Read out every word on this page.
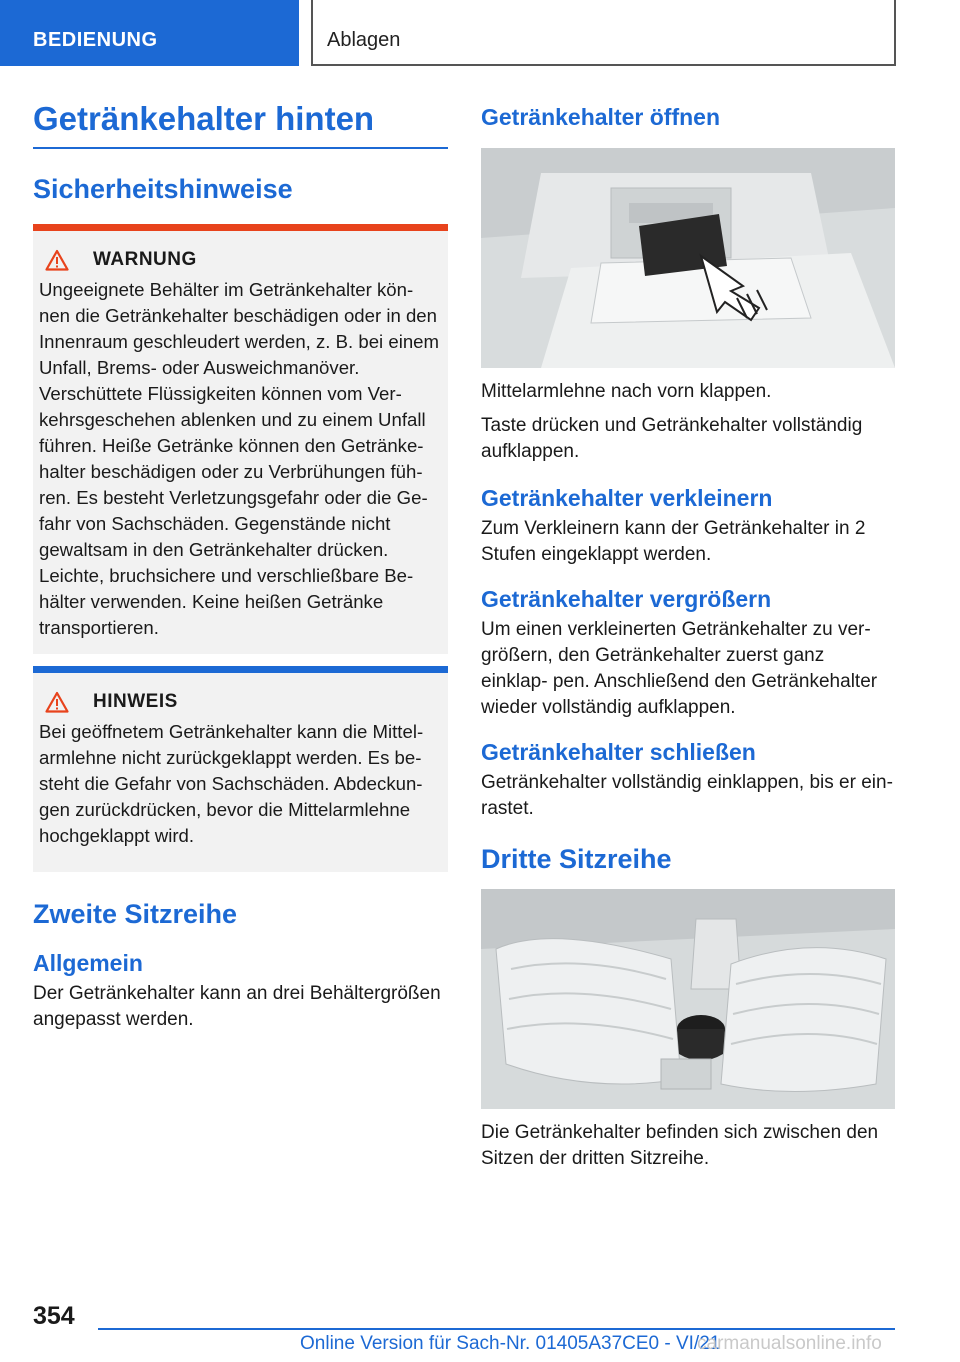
BEDIENUNG	Ablagen
Getränkehalter hinten
Sicherheitshinweise
WARNUNG
Ungeeignete Behälter im Getränkehalter kön‐ nen die Getränkehalter beschädigen oder in den Innenraum geschleudert werden, z. B. bei einem Unfall, Brems- oder Ausweichmanöver. Verschüttete Flüssigkeiten können vom Ver‐ kehrsgeschehen ablenken und zu einem Unfall führen. Heiße Getränke können den Getränke‐ halter beschädigen oder zu Verbrühungen füh‐ ren. Es besteht Verletzungsgefahr oder die Ge‐ fahr von Sachschäden. Gegenstände nicht gewaltsam in den Getränkehalter drücken. Leichte, bruchsichere und verschließbare Be‐ hälter verwenden. Keine heißen Getränke transportieren.
HINWEIS
Bei geöffnetem Getränkehalter kann die Mittel‐ armlehne nicht zurückgeklappt werden. Es be‐ steht die Gefahr von Sachschäden. Abdeckun‐ gen zurückdrücken, bevor die Mittelarmlehne hochgeklappt wird.
Zweite Sitzreihe
Allgemein
Der Getränkehalter kann an drei Behältergrößen angepasst werden.
Getränkehalter öffnen
Mittelarmlehne nach vorn klappen.
Taste drücken und Getränkehalter vollständig aufklappen.
Getränkehalter verkleinern
Zum Verkleinern kann der Getränkehalter in 2 Stufen eingeklappt werden.
Getränkehalter vergrößern
Um einen verkleinerten Getränkehalter zu ver‐ größern, den Getränkehalter zuerst ganz einklap‐ pen. Anschließend den Getränkehalter wieder vollständig aufklappen.
Getränkehalter schließen
Getränkehalter vollständig einklappen, bis er ein‐ rastet.
Dritte Sitzreihe
Die Getränkehalter befinden sich zwischen den Sitzen der dritten Sitzreihe.
354
Online Version für Sach-Nr. 01405A37CE0 - VI/21
carmanualsonline.info
